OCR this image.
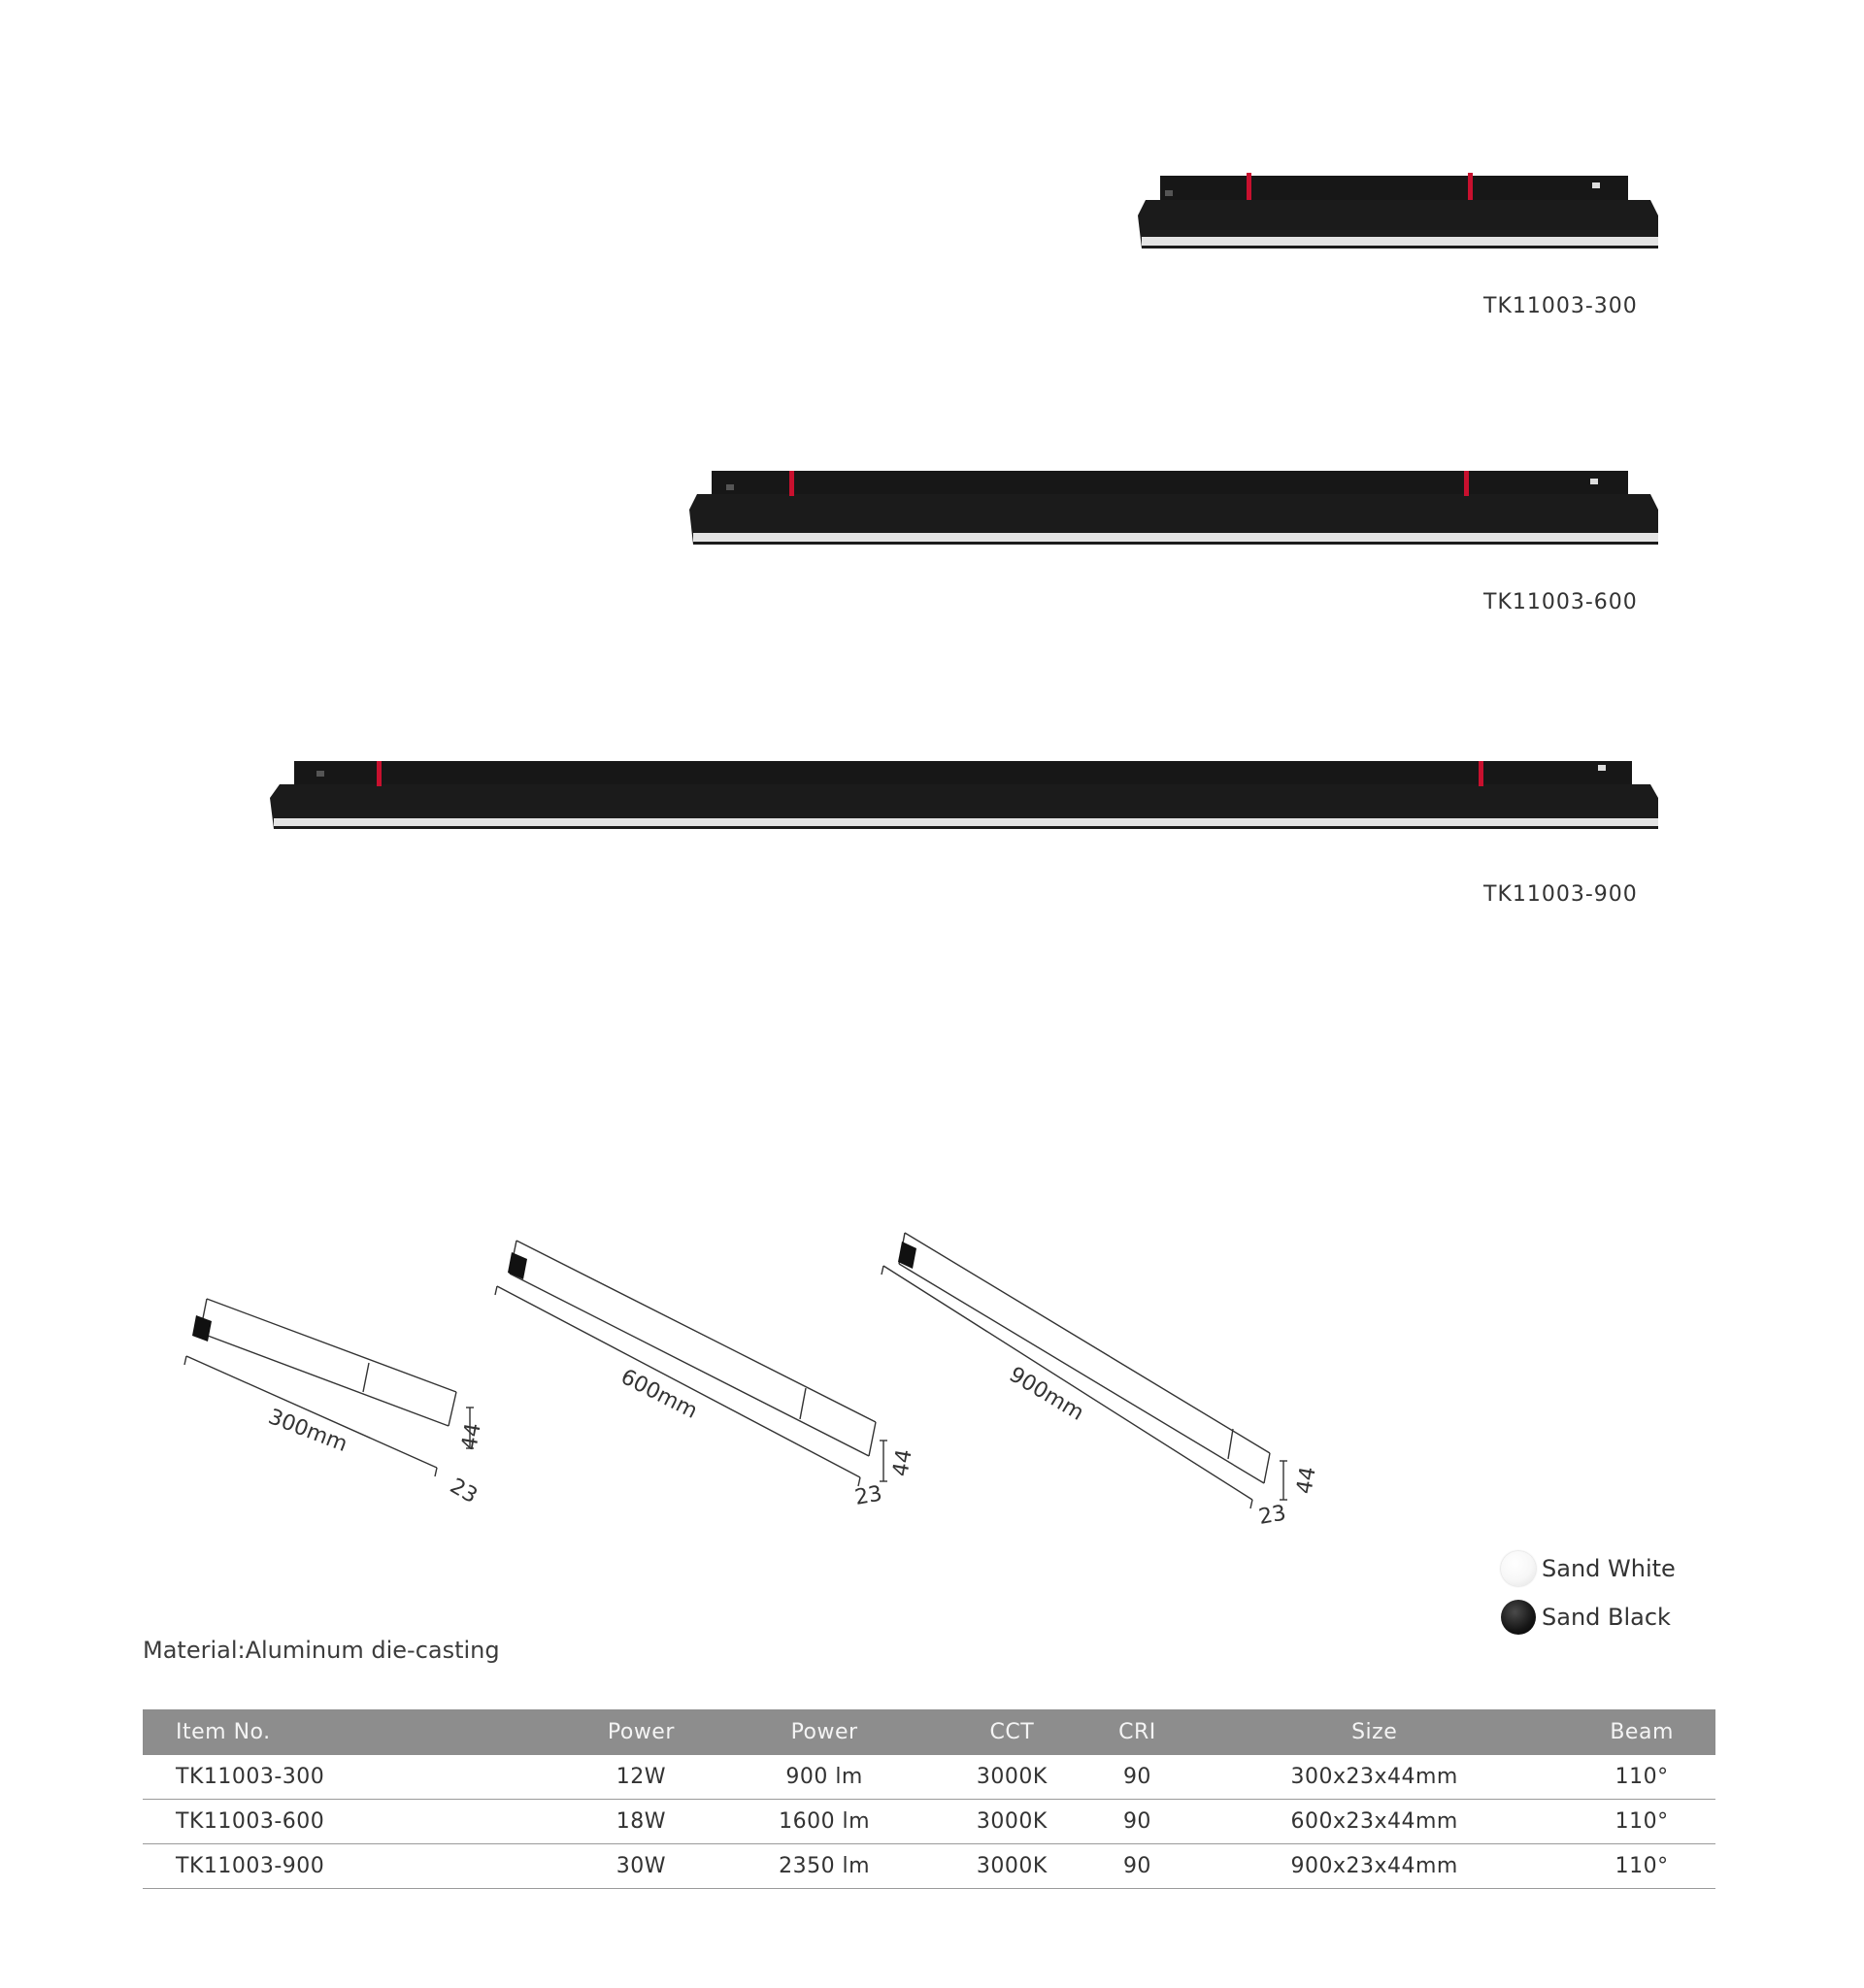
TK11003-300
TK11003-600
TK11003-900
300mm	44
23
600mm
44
23
900mm
44
23
Sand White
Sand Black
Material:Aluminum die-casting
Item No.	Power	Power	CCT	CRI	Size	Beam
TK11003-300	12W	900 lm	3000K	90	300x23x44mm	110°
TK11003-600	18W	1600 lm	3000K	90	600x23x44mm	110°
TK11003-900	30W	2350 lm	3000K	90	900x23x44mm	110°
